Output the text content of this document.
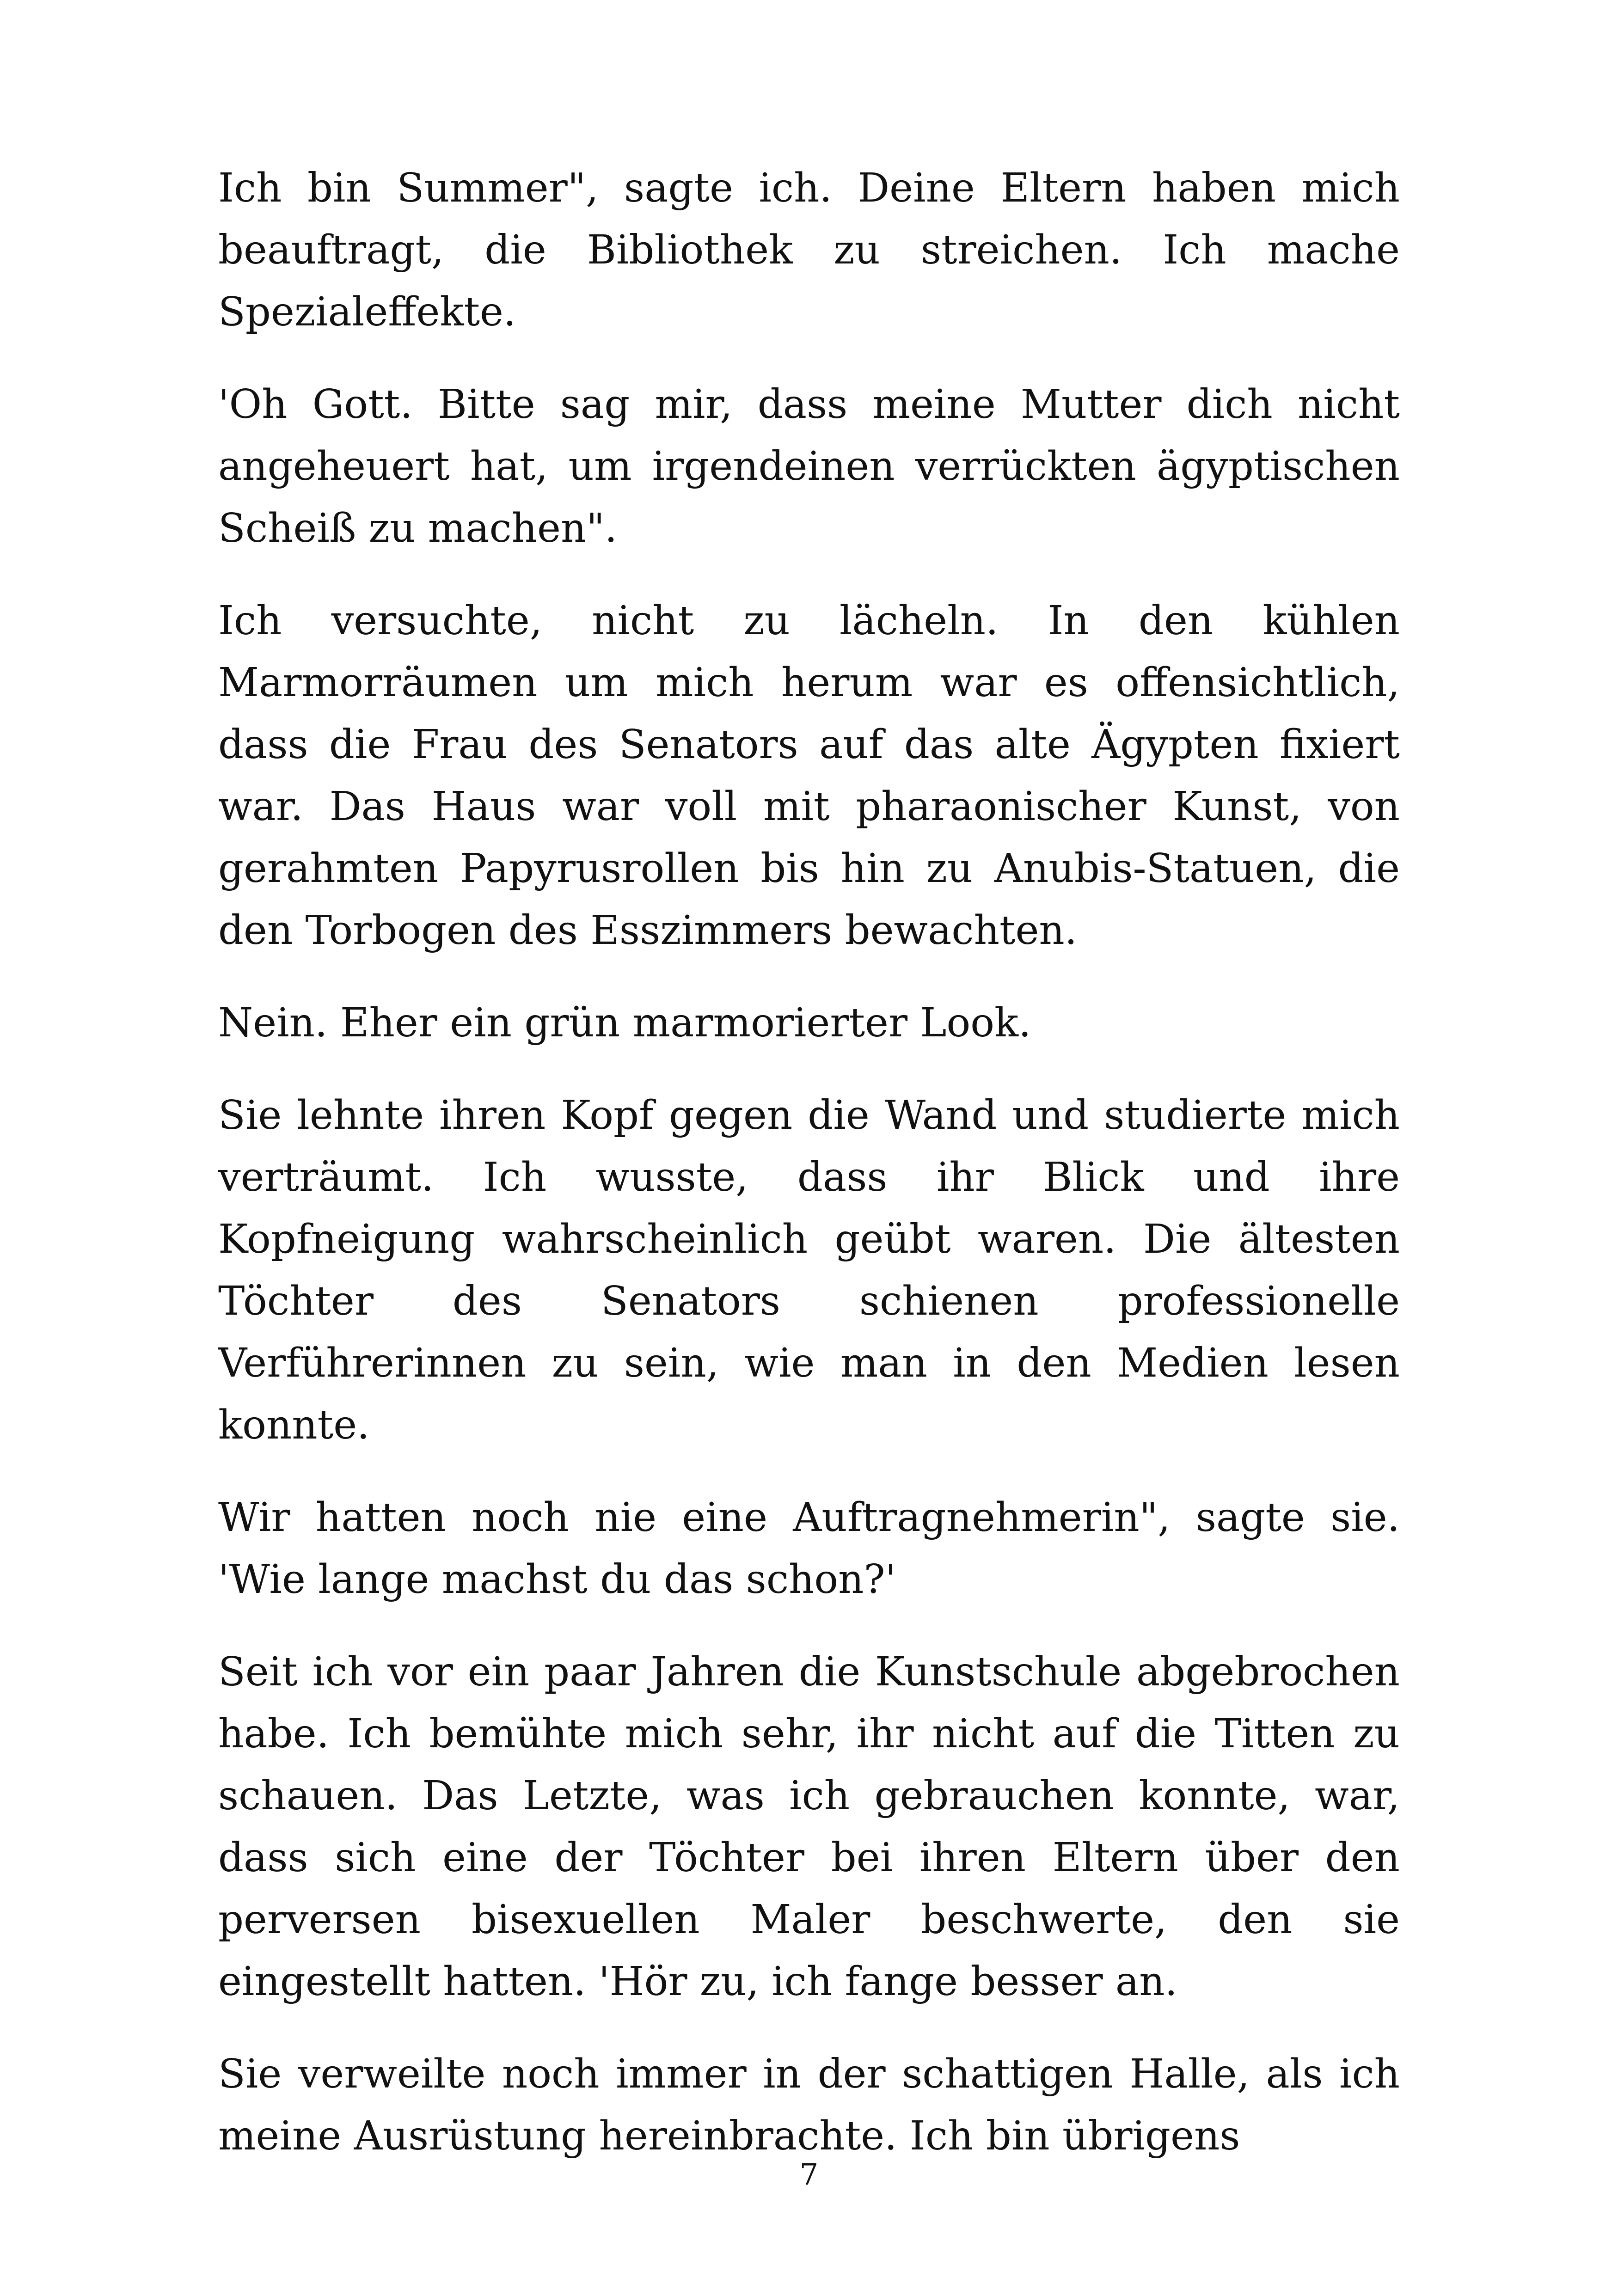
Ich bin Summer", sagte ich. Deine Eltern haben mich beauftragt, die Bibliothek zu streichen. Ich mache Spezialeffekte.

'Oh Gott. Bitte sag mir, dass meine Mutter dich nicht angeheuert hat, um irgendeinen verrückten ägyptischen Scheiß zu machen".

Ich versuchte, nicht zu lächeln. In den kühlen Marmorräumen um mich herum war es offensichtlich, dass die Frau des Senators auf das alte Ägypten fixiert war. Das Haus war voll mit pharaonischer Kunst, von gerahmten Papyrusrollen bis hin zu Anubis-Statuen, die den Torbogen des Esszimmers bewachten.

Nein. Eher ein grün marmorierter Look.

Sie lehnte ihren Kopf gegen die Wand und studierte mich verträumt. Ich wusste, dass ihr Blick und ihre Kopfneigung wahrscheinlich geübt waren. Die ältesten Töchter des Senators schienen professionelle Verführerinnen zu sein, wie man in den Medien lesen konnte.

Wir hatten noch nie eine Auftragnehmerin", sagte sie. 'Wie lange machst du das schon?'

Seit ich vor ein paar Jahren die Kunstschule abgebrochen habe. Ich bemühte mich sehr, ihr nicht auf die Titten zu schauen. Das Letzte, was ich gebrauchen konnte, war, dass sich eine der Töchter bei ihren Eltern über den perversen bisexuellen Maler beschwerte, den sie eingestellt hatten. 'Hör zu, ich fange besser an.

Sie verweilte noch immer in der schattigen Halle, als ich meine Ausrüstung hereinbrachte. Ich bin übrigens

7
